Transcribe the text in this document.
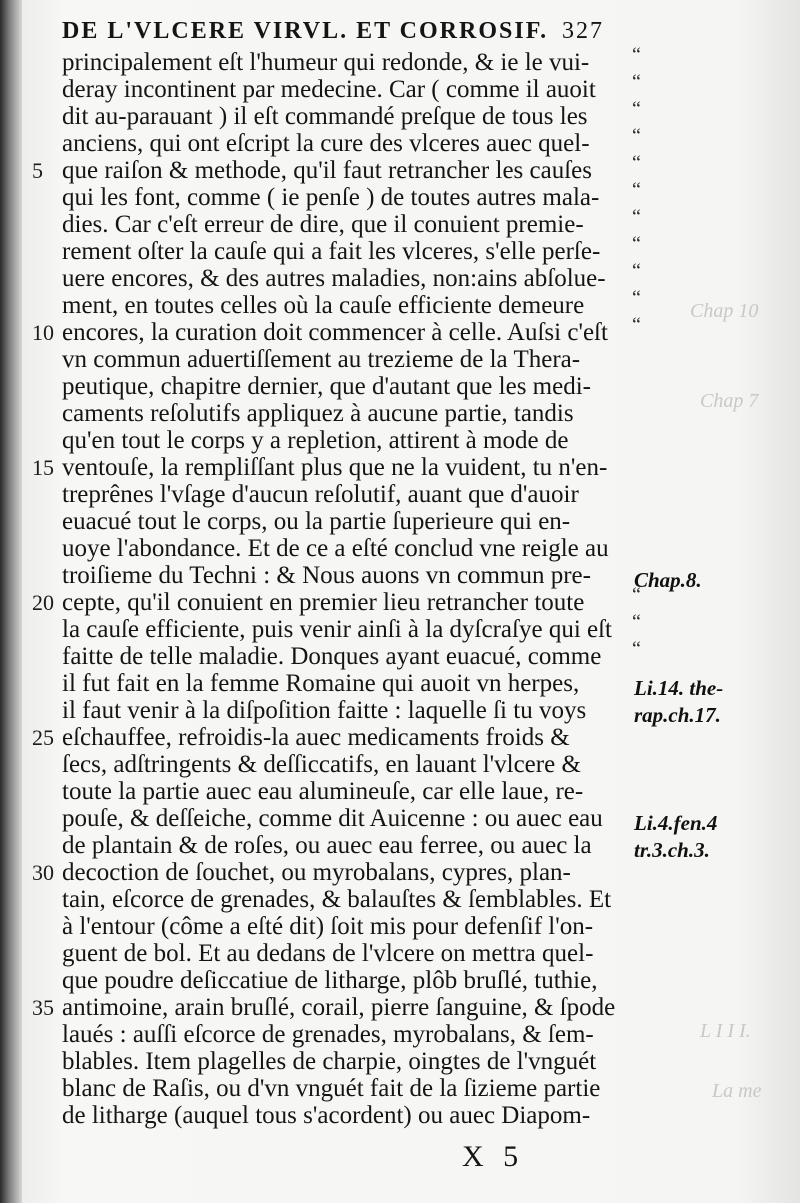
DE L'VLCERE VIRVL. ET CORROSIF. 327
Chap 10
Chap 7
L I I I.
La me
principalement eſt l'humeur qui redonde, & ie le vui- “
deray incontinent par medecine. Car ( comme il auoit “
dit au-parauant ) il eſt commandé preſque de tous les “
anciens, qui ont eſcript la cure des vlceres auec quel- “
5 que raiſon & methode, qu'il faut retrancher les cauſes “
qui les font, comme ( ie penſe ) de toutes autres mala- “
dies. Car c'eſt erreur de dire, que il conuient premie- “
rement oſter la cauſe qui a fait les vlceres, s'elle perſe- “
uere encores, & des autres maladies, non:ains abſolue- “
ment, en toutes celles où la cauſe efficiente demeure “
10 encores, la curation doit commencer à celle. Auſsi c'eſt “
vn commun aduertiſſement au trezieme de la Thera-
peutique, chapitre dernier, que d'autant que les medi-
caments reſolutifs appliquez à aucune partie, tandis
qu'en tout le corps y a repletion, attirent à mode de
15 ventouſe, la rempliſſant plus que ne la vuident, tu n'en-
treprênes l'vſage d'aucun reſolutif, auant que d'auoir
euacué tout le corps, ou la partie ſuperieure qui en-
uoye l'abondance. Et de ce a eſté conclud vne reigle au
troiſieme du Techni : & Nous auons vn commun pre-
20 cepte, qu'il conuient en premier lieu retrancher toute “
la cauſe efficiente, puis venir ainſi à la dyſcraſye qui eſt “
faitte de telle maladie. Donques ayant euacué, comme “
il fut fait en la femme Romaine qui auoit vn herpes,
il faut venir à la diſpoſition faitte : laquelle ſi tu voys
25 eſchauffee, refroidis-la auec medicaments froids &
ſecs, adſtringents & deſſiccatifs, en lauant l'vlcere &
toute la partie auec eau alumineuſe, car elle laue, re-
pouſe, & deſſeiche, comme dit Auicenne : ou auec eau
de plantain & de roſes, ou auec eau ferree, ou auec la
30 decoction de ſouchet, ou myrobalans, cypres, plan-
tain, eſcorce de grenades, & balauſtes & ſemblables. Et
à l'entour (côme a eſté dit) ſoit mis pour defenſif l'on-
guent de bol. Et au dedans de l'vlcere on mettra quel-
que poudre deſiccatiue de litharge, plôb bruſlé, tuthie,
35 antimoine, arain bruſlé, corail, pierre ſanguine, & ſpode
laués : auſſi eſcorce de grenades, myrobalans, & ſem-
blables. Item plagelles de charpie, oingtes de l'vnguét
blanc de Raſis, ou d'vn vnguét fait de la ſizieme partie
de litharge (auquel tous s'acordent) ou auec Diapom-
Chap.8.
Li.14. the-
rap.ch.17.
Li.4.fen.4
tr.3.ch.3.
X 5
